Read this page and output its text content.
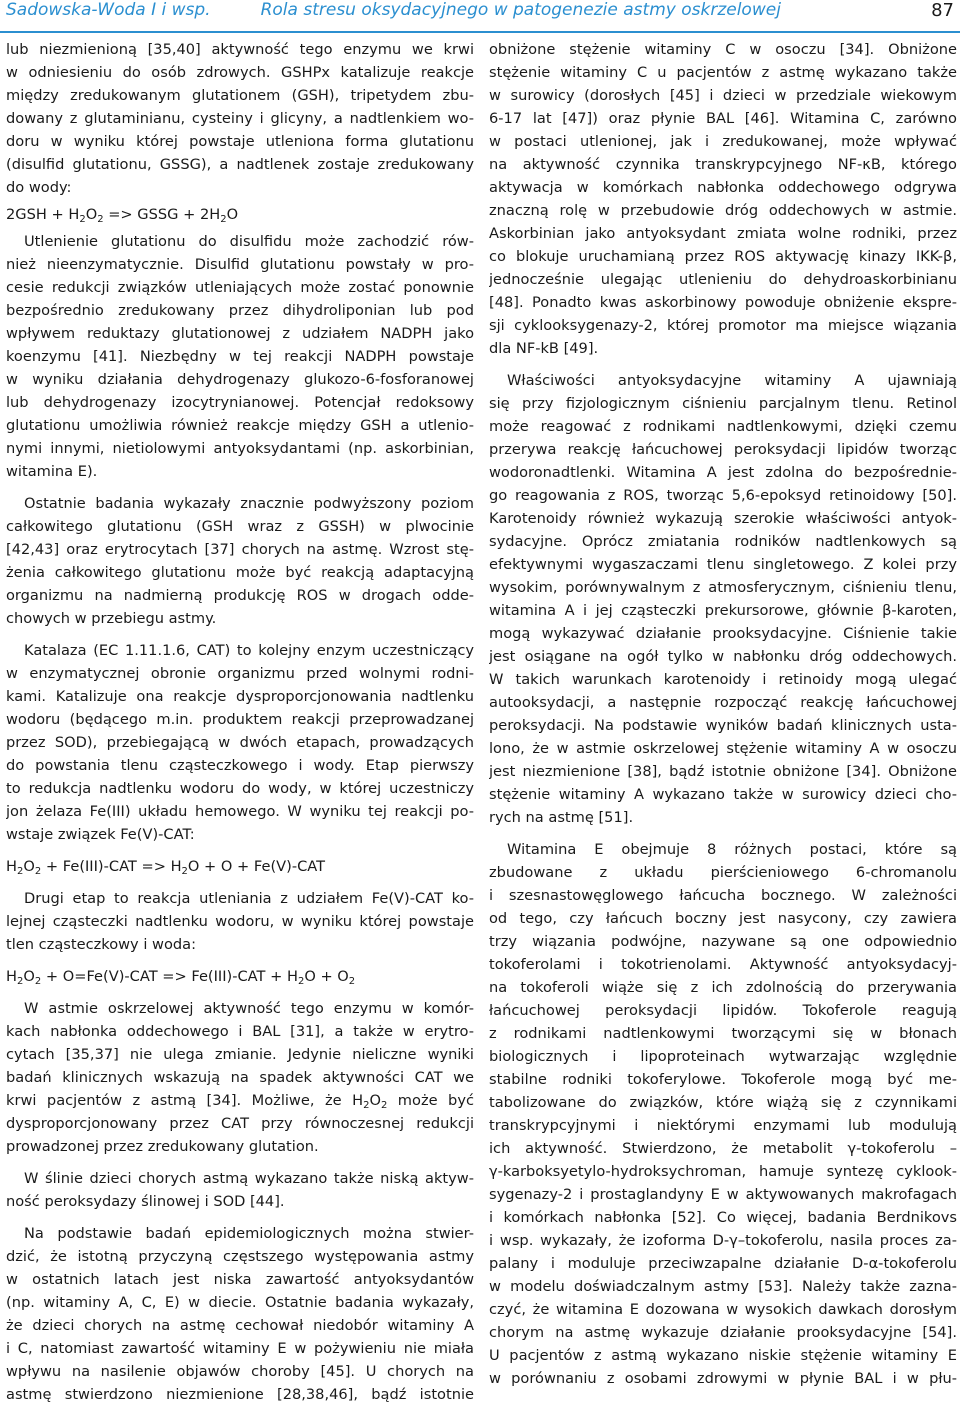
Sadowska-Woda I i wsp.	Rola stresu oksydacyjnego w patogenezie astmy oskrzelowej	87
lub niezmienioną [35,40] aktywność tego enzymu we krwi
w odniesieniu do osób zdrowych. GSHPx katalizuje reakcje
między zredukowanym glutationem (GSH), tripetydem zbu-
dowany z glutaminianu, cysteiny i glicyny, a nadtlenkiem wo-
doru w wyniku której powstaje utleniona forma glutationu
(disulfid glutationu, GSSG), a nadtlenek zostaje zredukowany
do wody:
$2GSH + H_2O_2$ => GSSG + $2H_2O$
Utlenienie glutationu do disulfidu może zachodzić rów-
nież nieenzymatycznie. Disulfid glutationu powstały w pro-
cesie redukcji związków utleniających może zostać ponownie
bezpośrednio zredukowany przez dihydroliponian lub pod
wpływem reduktazy glutationowej z udziałem NADPH jako
koenzymu [41]. Niezbędny w tej reakcji NADPH powstaje
w wyniku działania dehydrogenazy glukozo-6-fosforanowej
lub dehydrogenazy izocytrynianowej. Potencjał redoksowy
glutationu umożliwia również reakcje między GSH a utlenio-
nymi innymi, nietiolowymi antyoksydantami (np. askorbinian,
witamina E).
Ostatnie badania wykazały znacznie podwyższony poziom
całkowitego glutationu (GSH wraz z GSSH) w plwocinie
[42,43] oraz erytrocytach [37] chorych na astmę. Wzrost stę-
żenia całkowitego glutationu może być reakcją adaptacyjną
organizmu na nadmierną produkcję ROS w drogach odde-
chowych w przebiegu astmy.
Katalaza (EC 1.11.1.6, CAT) to kolejny enzym uczestniczący
w enzymatycznej obronie organizmu przed wolnymi rodni-
kami. Katalizuje ona reakcje dysproporcjonowania nadtlenku
wodoru (będącego m.in. produktem reakcji przeprowadzanej
przez SOD), przebiegającą w dwóch etapach, prowadzących
do powstania tlenu cząsteczkowego i wody. Etap pierwszy
to redukcja nadtlenku wodoru do wody, w której uczestniczy
jon żelaza Fe(III) układu hemowego. W wyniku tej reakcji po-
wstaje związek Fe(V)-CAT:
$H_2O_2 + Fe(III)-CAT => H_2O + O + Fe(V)-CAT$
Drugi etap to reakcja utleniania z udziałem Fe(V)-CAT ko-
lejnej cząsteczki nadtlenku wodoru, w wyniku której powstaje
tlen cząsteczkowy i woda:
$H_2O_2 + O=Fe(V)-CAT => Fe(III)-CAT + H_2O + O_2$
W astmie oskrzelowej aktywność tego enzymu w komór-
kach nabłonka oddechowego i BAL [31], a także w erytro-
cytach [35,37] nie ulega zmianie. Jedynie nieliczne wyniki
badań klinicznych wskazują na spadek aktywności CAT we
krwi pacjentów z astmą [34]. Możliwe, że $H_2O_2$ może być
dysproporcjonowany przez CAT przy równoczesnej redukcji
prowadzonej przez zredukowany glutation.
W ślinie dzieci chorych astmą wykazano także niską aktyw-
ność peroksydazy ślinowej i SOD [44].
Na podstawie badań epidemiologicznych można stwier-
dzić, że istotną przyczyną częstszego występowania astmy
w ostatnich latach jest niska zawartość antyoksydantów
(np. witaminy A, C, E) w diecie. Ostatnie badania wykazały,
że dzieci chorych na astmę cechował niedobór witaminy A
i C, natomiast zawartość witaminy E w pożywieniu nie miała
wpływu na nasilenie objawów choroby [45]. U chorych na
astmę stwierdzono niezmienione [28,38,46], bądź istotnie
obniżone stężenie witaminy C w osoczu [34]. Obniżone
stężenie witaminy C u pacjentów z astmę wykazano także
w surowicy (dorosłych [45] i dzieci w przedziale wiekowym
6-17 lat [47]) oraz płynie BAL [46]. Witamina C, zarówno
w postaci utlenionej, jak i zredukowanej, może wpływać
na aktywność czynnika transkrypcyjnego NF-κB, którego
aktywacja w komórkach nabłonka oddechowego odgrywa
znaczną rolę w przebudowie dróg oddechowych w astmie.
Askorbinian jako antyoksydant zmiata wolne rodniki, przez
co blokuje uruchamianą przez ROS aktywację kinazy IKK-β,
jednocześnie ulegając utlenieniu do dehydroaskorbinianu
[48]. Ponadto kwas askorbinowy powoduje obniżenie ekspre-
sji cyklooksygenazy-2, której promotor ma miejsce wiązania
dla NF-kB [49].
Właściwości antyoksydacyjne witaminy A ujawniają
się przy fizjologicznym ciśnieniu parcjalnym tlenu. Retinol
może reagować z rodnikami nadtlenkowymi, dzięki czemu
przerywa reakcję łańcuchowej peroksydacji lipidów tworząc
wodoronadtlenki. Witamina A jest zdolna do bezpośrednie-
go reagowania z ROS, tworząc 5,6-epoksyd retinoidowy [50].
Karotenoidy również wykazują szerokie właściwości antyok-
sydacyjne. Oprócz zmiatania rodników nadtlenkowych są
efektywnymi wygaszaczami tlenu singletowego. Z kolei przy
wysokim, porównywalnym z atmosferycznym, ciśnieniu tlenu,
witamina A i jej cząsteczki prekursorowe, głównie β-karoten,
mogą wykazywać działanie prooksydacyjne. Ciśnienie takie
jest osiągane na ogół tylko w nabłonku dróg oddechowych.
W takich warunkach karotenoidy i retinoidy mogą ulegać
autooksydacji, a następnie rozpocząć reakcję łańcuchowej
peroksydacji. Na podstawie wyników badań klinicznych usta-
lono, że w astmie oskrzelowej stężenie witaminy A w osoczu
jest niezmienione [38], bądź istotnie obniżone [34]. Obniżone
stężenie witaminy A wykazano także w surowicy dzieci cho-
rych na astmę [51].
Witamina E obejmuje 8 różnych postaci, które są
zbudowane z układu pierścieniowego 6-chromanolu
i szesnastowęglowego łańcucha bocznego. W zależności
od tego, czy łańcuch boczny jest nasycony, czy zawiera
trzy wiązania podwójne, nazywane są one odpowiednio
tokoferolami i tokotrienolami. Aktywność antyoksydacyj-
na tokoferoli wiąże się z ich zdolnością do przerywania
łańcuchowej peroksydacji lipidów. Tokoferole reagują
z rodnikami nadtlenkowymi tworzącymi się w błonach
biologicznych i lipoproteinach wytwarzając względnie
stabilne rodniki tokoferylowe. Tokoferole mogą być me-
tabolizowane do związków, które wiążą się z czynnikami
transkrypcyjnymi i niektórymi enzymami lub modulują
ich aktywność. Stwierdzono, że metabolit γ-tokoferolu –
γ-karboksyetylo-hydroksychroman, hamuje syntezę cyklook-
sygenazy-2 i prostaglandyny E w aktywowanych makrofagach
i komórkach nabłonka [52]. Co więcej, badania Berdnikovs
i wsp. wykazały, że izoforma D-γ–tokoferolu, nasila proces za-
palany i moduluje przeciwzapalne działanie D-α-tokoferolu
w modelu doświadczalnym astmy [53]. Należy także zazna-
czyć, że witamina E dozowana w wysokich dawkach dorosłym
chorym na astmę wykazuje działanie prooksydacyjne [54].
U pacjentów z astmą wykazano niskie stężenie witaminy E
w porównaniu z osobami zdrowymi w płynie BAL i w płu-
